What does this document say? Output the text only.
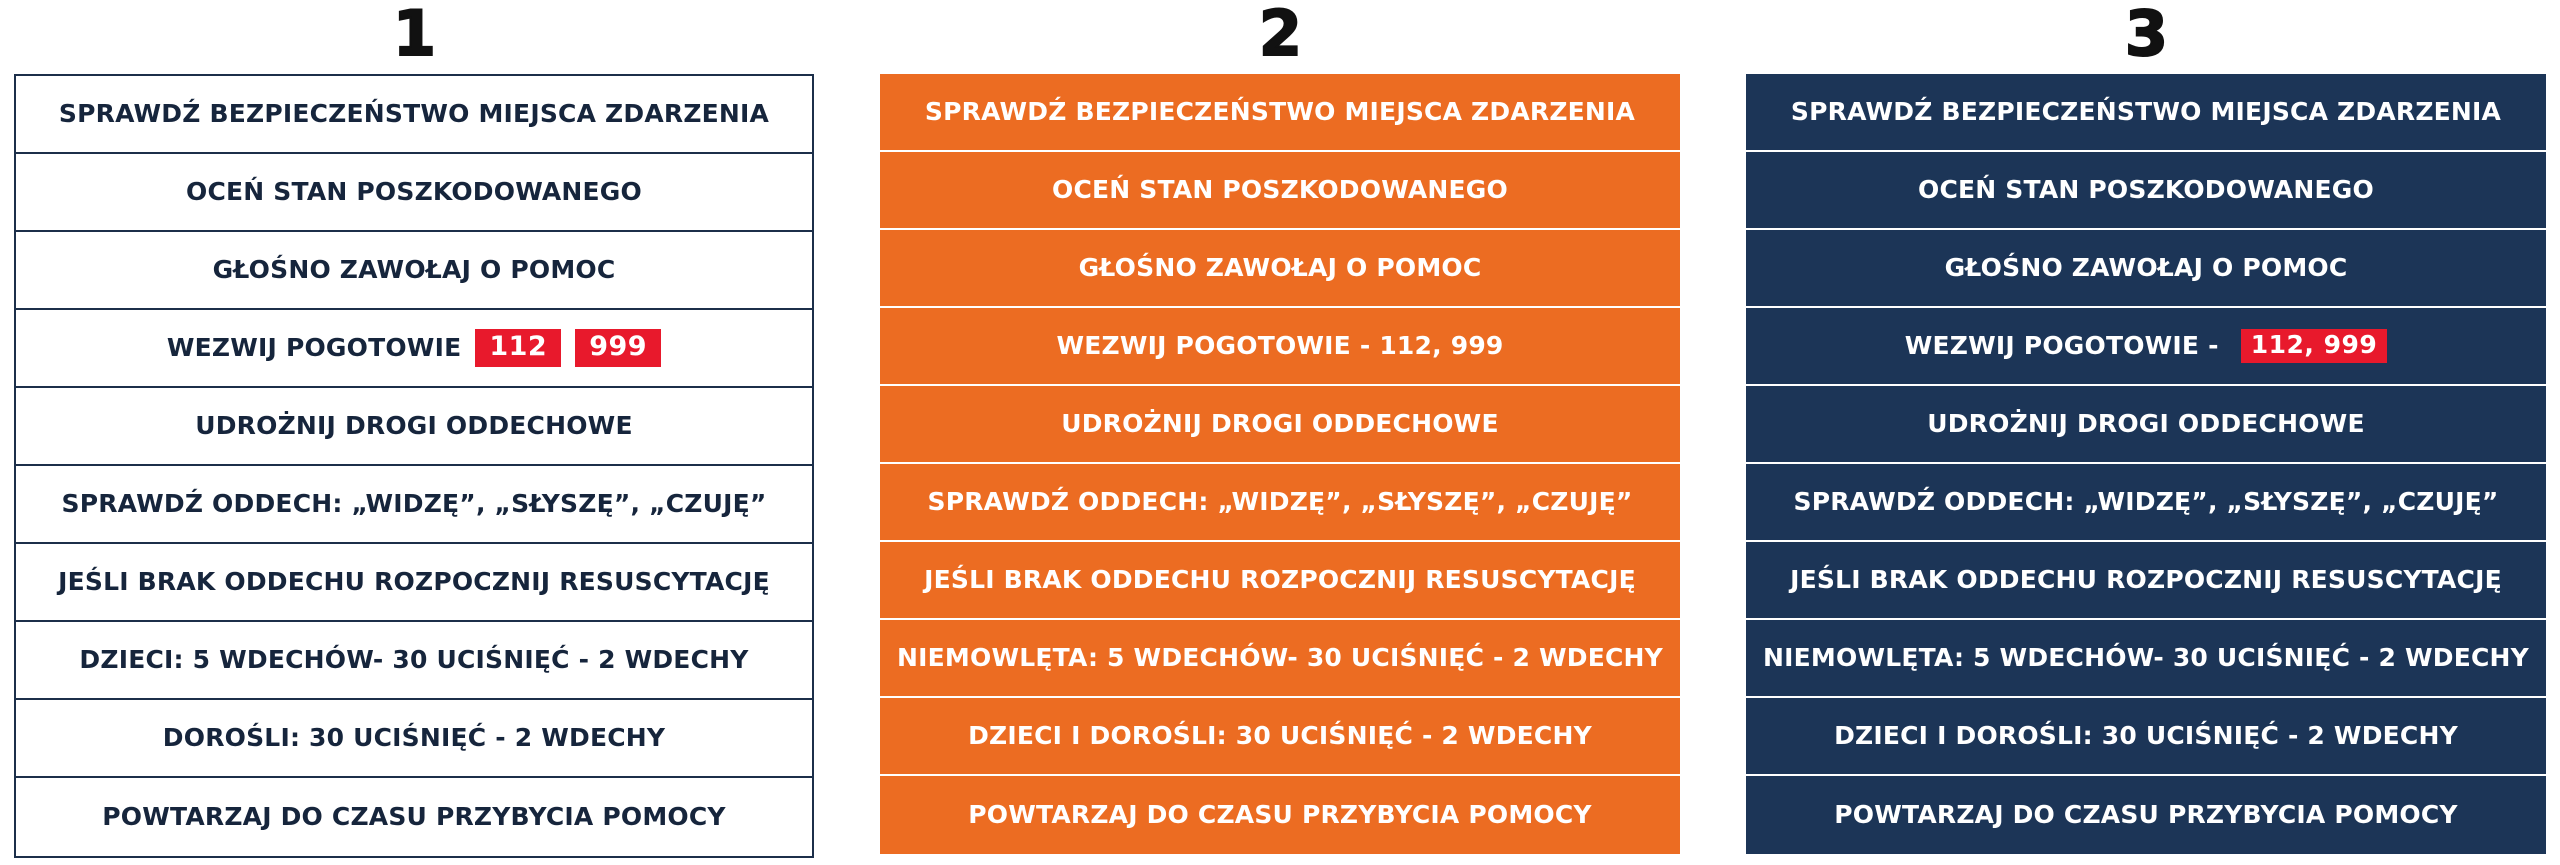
1
SPRAWDŹ BEZPIECZEŃSTWO MIEJSCA ZDARZENIA
OCEŃ STAN POSZKODOWANEGO
GŁOŚNO ZAWOŁAJ O POMOC
WEZWIJ POGOTOWIE	112	999
UDROŻNIJ DROGI ODDECHOWE
SPRAWDŹ ODDECH: „WIDZĘ”, „SŁYSZĘ”, „CZUJĘ”
JEŚLI BRAK ODDECHU ROZPOCZNIJ RESUSCYTACJĘ
DZIECI: 5 WDECHÓW- 30 UCIŚNIĘĆ - 2 WDECHY
DOROŚLI: 30 UCIŚNIĘĆ - 2 WDECHY
POWTARZAJ DO CZASU PRZYBYCIA POMOCY
2
SPRAWDŹ BEZPIECZEŃSTWO MIEJSCA ZDARZENIA
OCEŃ STAN POSZKODOWANEGO
GŁOŚNO ZAWOŁAJ O POMOC
WEZWIJ POGOTOWIE - 112, 999
UDROŻNIJ DROGI ODDECHOWE
SPRAWDŹ ODDECH: „WIDZĘ”, „SŁYSZĘ”, „CZUJĘ”
JEŚLI BRAK ODDECHU ROZPOCZNIJ RESUSCYTACJĘ
NIEMOWLĘTA: 5 WDECHÓW- 30 UCIŚNIĘĆ - 2 WDECHY
DZIECI I DOROŚLI: 30 UCIŚNIĘĆ - 2 WDECHY
POWTARZAJ DO CZASU PRZYBYCIA POMOCY
3
SPRAWDŹ BEZPIECZEŃSTWO MIEJSCA ZDARZENIA
OCEŃ STAN POSZKODOWANEGO
GŁOŚNO ZAWOŁAJ O POMOC
WEZWIJ POGOTOWIE -	112, 999
UDROŻNIJ DROGI ODDECHOWE
SPRAWDŹ ODDECH: „WIDZĘ”, „SŁYSZĘ”, „CZUJĘ”
JEŚLI BRAK ODDECHU ROZPOCZNIJ RESUSCYTACJĘ
NIEMOWLĘTA: 5 WDECHÓW- 30 UCIŚNIĘĆ - 2 WDECHY
DZIECI I DOROŚLI: 30 UCIŚNIĘĆ - 2 WDECHY
POWTARZAJ DO CZASU PRZYBYCIA POMOCY
